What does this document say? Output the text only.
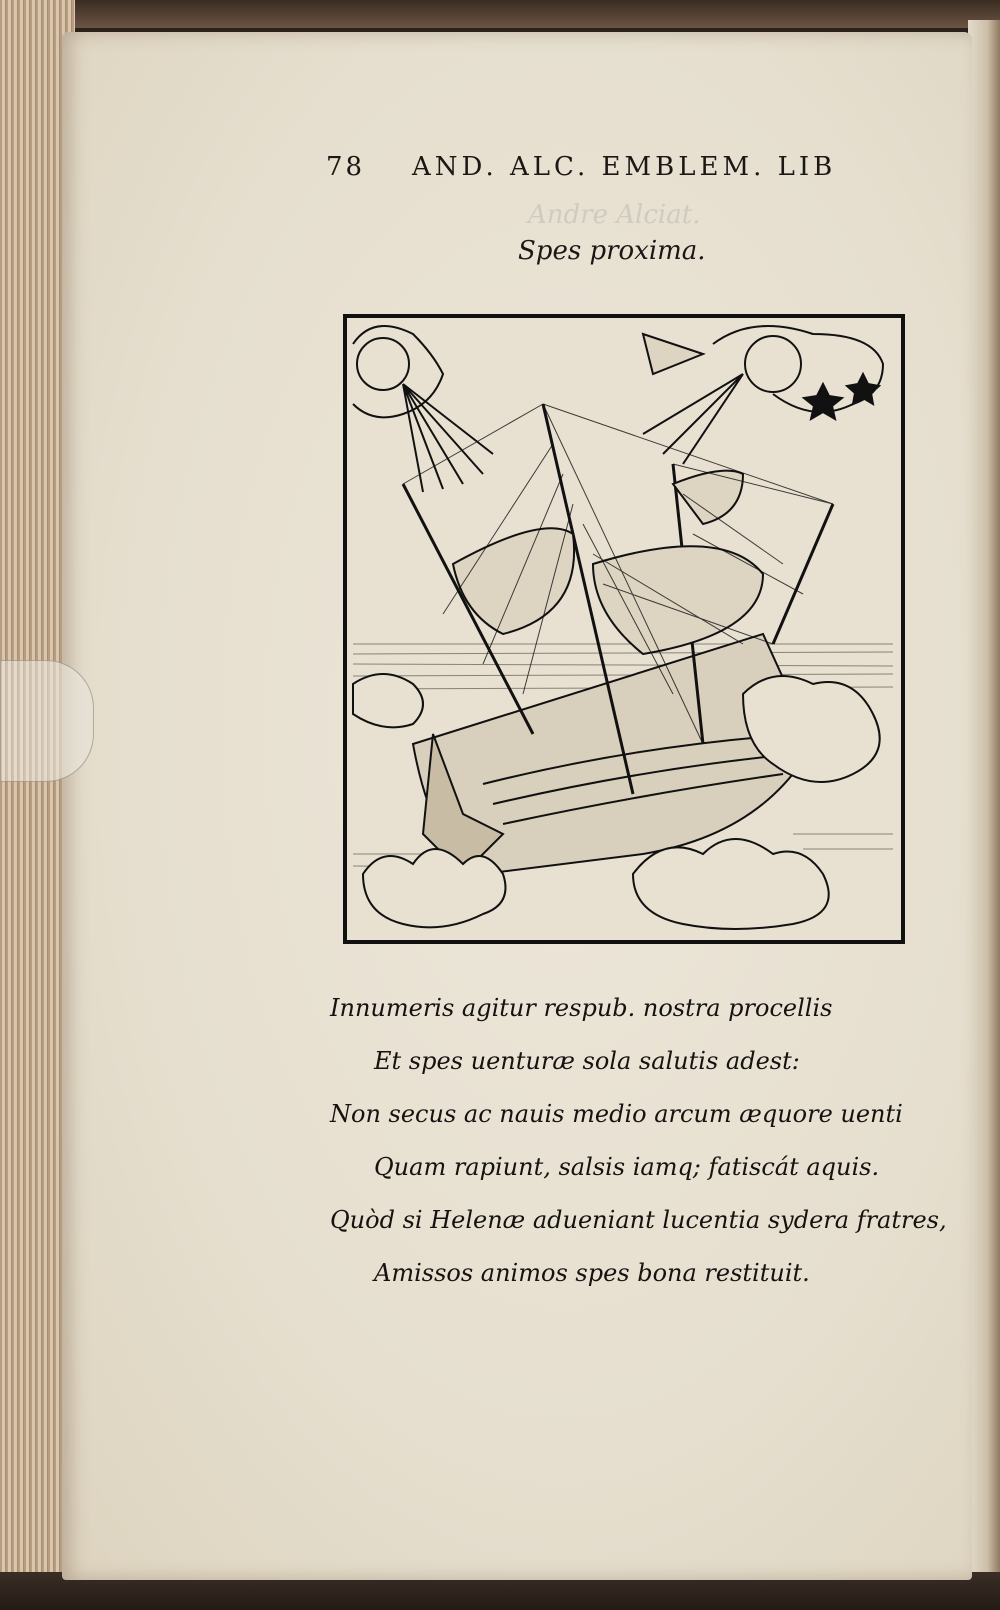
Andre Alciat.
78 AND. ALC. EMBLEM. LIB
Spes proxima.
Innumeris agitur respub. nostra procellis
Et spes uenturæ sola salutis adest:
Non secus ac nauis medio arcum æquore uenti
Quam rapiunt, salsis iamq; fatiscát aquis.
Quòd si Helenæ adueniant lucentia sydera fratres,
Amissos animos spes bona restituit.
